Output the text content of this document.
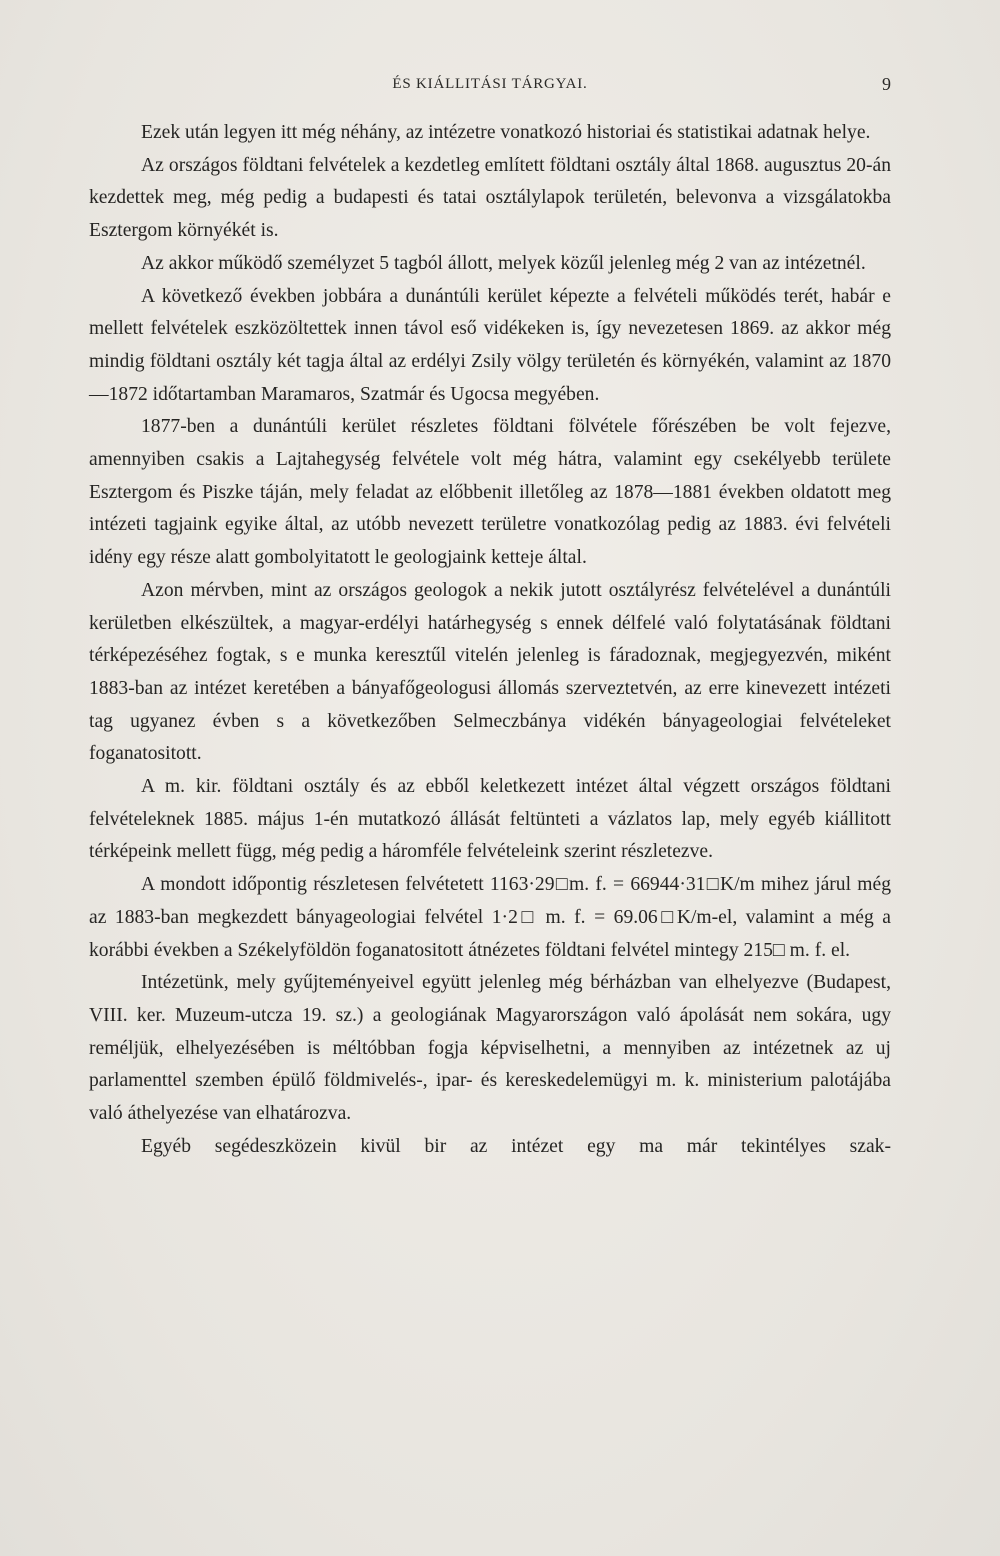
ÉS KIÁLLITÁSI TÁRGYAI.	9

Ezek után legyen itt még néhány, az intézetre vonatkozó historiai és statistikai adatnak helye.

Az országos földtani felvételek a kezdetleg említett földtani osztály által 1868. augusztus 20-án kezdettek meg, még pedig a budapesti és tatai osztálylapok területén, belevonva a vizsgálatokba Esztergom környékét is.

Az akkor működő személyzet 5 tagból állott, melyek közűl jelenleg még 2 van az intézetnél.

A következő években jobbára a dunántúli kerület képezte a felvételi működés terét, habár e mellett felvételek eszközöltettek innen távol eső vidékeken is, így nevezetesen 1869. az akkor még mindig földtani osztály két tagja által az erdélyi Zsily völgy területén és környékén, valamint az 1870—1872 időtartamban Maramaros, Szatmár és Ugocsa megyében.

1877-ben a dunántúli kerület részletes földtani fölvétele főrészében be volt fejezve, amennyiben csakis a Lajtahegység felvétele volt még hátra, valamint egy csekélyebb területe Esztergom és Piszke táján, mely feladat az előbbenit illetőleg az 1878—1881 években oldatott meg intézeti tagjaink egyike által, az utóbb nevezett területre vonatkozólag pedig az 1883. évi felvételi idény egy része alatt gombolyitatott le geologjaink ketteje által.

Azon mérvben, mint az országos geologok a nekik jutott osztályrész felvételével a dunántúli kerületben elkészültek, a magyar-erdélyi határhegység s ennek délfelé való folytatásának földtani térképezéséhez fogtak, s e munka keresztűl vitelén jelenleg is fáradoznak, megjegyezvén, miként 1883-ban az intézet keretében a bányafőgeologusi állomás szerveztetvén, az erre kinevezett intézeti tag ugyanez évben s a következőben Selmeczbánya vidékén bányageologiai felvételeket foganatositott.

A m. kir. földtani osztály és az ebből keletkezett intézet által végzett országos földtani felvételeknek 1885. május 1-én mutatkozó állását feltünteti a vázlatos lap, mely egyéb kiállitott térképeink mellett függ, még pedig a háromféle felvételeink szerint részletezve.

A mondott időpontig részletesen felvétetett 1163·29□m. f. = 66944·31□K/m mihez járul még az 1883-ban megkezdett bányageologiai felvétel 1·2□ m. f. = 69.06□K/m-el, valamint a még a korábbi években a Székelyföldön foganatositott átnézetes földtani felvétel mintegy 215□ m. f. el.

Intézetünk, mely gyűjteményeivel együtt jelenleg még bérházban van elhelyezve (Budapest, VIII. ker. Muzeum-utcza 19. sz.) a geologiának Magyarországon való ápolását nem sokára, ugy reméljük, elhelyezésében is méltóbban fogja képviselhetni, a mennyiben az intézetnek az uj parlamenttel szemben épülő földmivelés-, ipar- és kereskedelemügyi m. k. ministerium palotájába való áthelyezése van elhatározva.

Egyéb segédeszközein kivül bir az intézet egy ma már tekintélyes szak-
